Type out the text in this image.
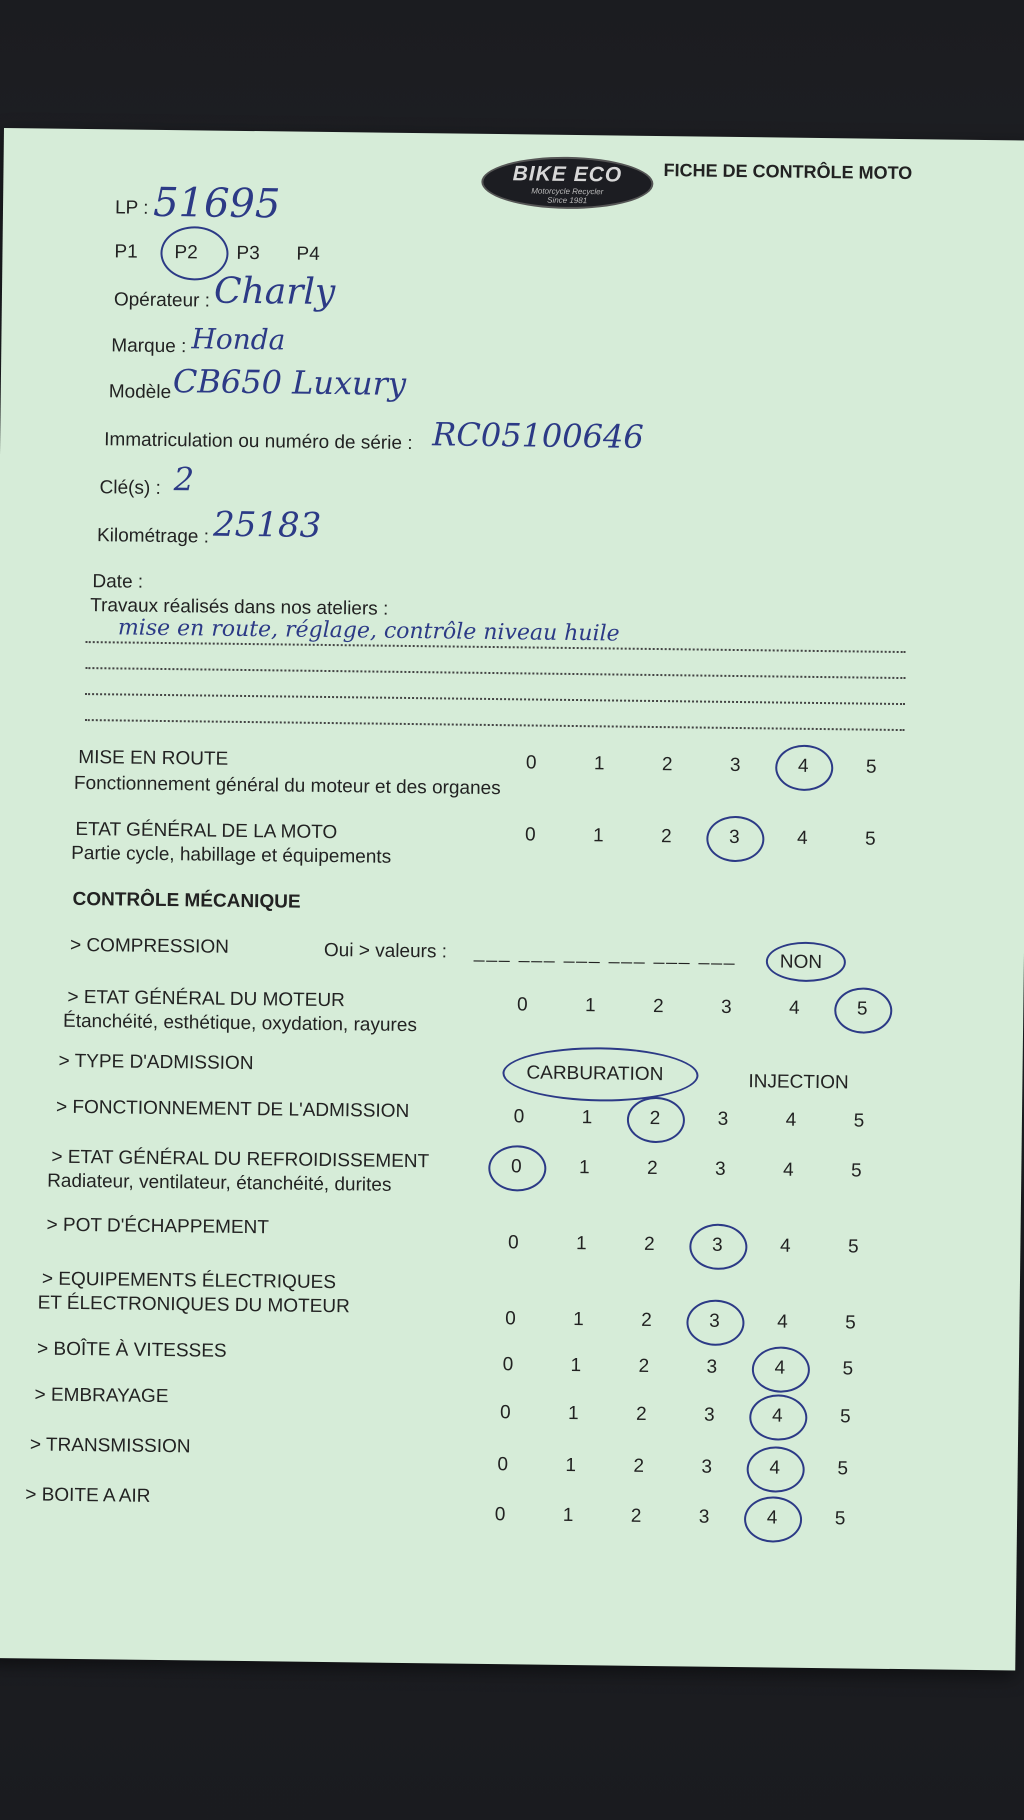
BIKE ECO
Motorcycle Recycler
Since 1981
FICHE DE CONTRÔLE MOTO
LP : 51695
P1 P2 P3 P4
Opérateur : Charly
Marque : Honda
Modèle CB650 Luxury
Immatriculation ou numéro de série : RC05100646
Clé(s) : 2
Kilométrage : 25183
Date :
Travaux réalisés dans nos ateliers :
mise en route, réglage, contrôle niveau huile
CONTRÔLE MÉCANIQUE
> COMPRESSION	Oui > valeurs : ___ ___ ___ ___ ___ ___ NON
> TYPE D'ADMISSION	CARBURATION	INJECTION
MISE EN ROUTE
Fonctionnement général du moteur et des organes
0	1	2	3	4	5
ETAT GÉNÉRAL DE LA MOTO
Partie cycle, habillage et équipements
0	1	2	3	4	5
> ETAT GÉNÉRAL DU MOTEUR
Étanchéité, esthétique, oxydation, rayures
0	1	2	3	4	5
> FONCTIONNEMENT DE L'ADMISSION	0	1	2	3	4	5
> ETAT GÉNÉRAL DU REFROIDISSEMENT
Radiateur, ventilateur, étanchéité, durites
0	1	2	3	4	5
> POT D'ÉCHAPPEMENT
0	1	2	3	4	5
> EQUIPEMENTS ÉLECTRIQUES
ET ÉLECTRONIQUES DU MOTEUR
0	1	2	3	4	5
> BOÎTE À VITESSES
0	1	2	3	4	5
> EMBRAYAGE
0	1	2	3	4	5
> TRANSMISSION
0	1	2	3	4	5
> BOITE A AIR
0	1	2	3	4	5
